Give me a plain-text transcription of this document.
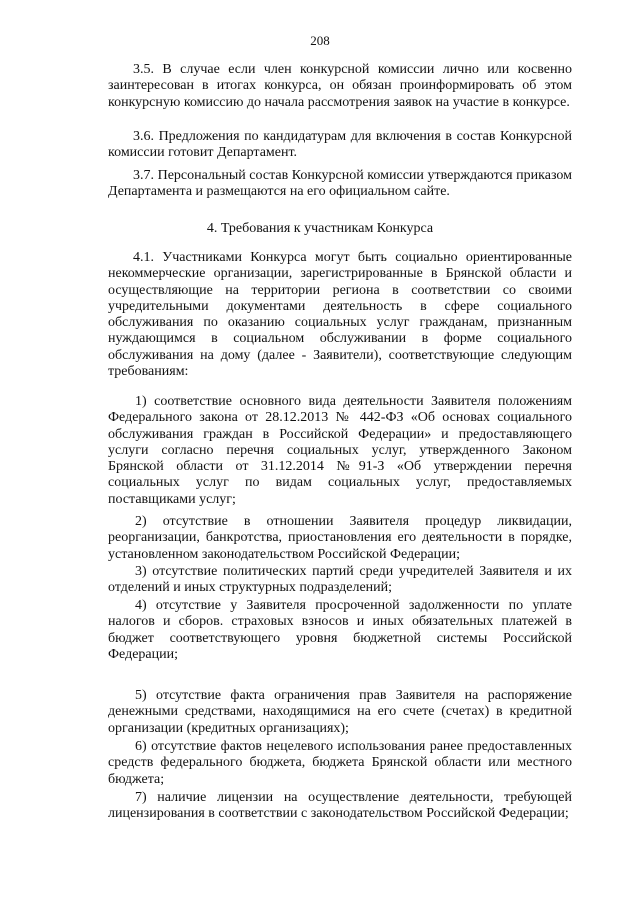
208

3.5. В случае если член конкурсной комиссии лично или косвенно заинтересован в итогах конкурса, он обязан проинформировать об этом конкурсную комиссию до начала рассмотрения заявок на участие в конкурсе.

3.6. Предложения по кандидатурам для включения в состав Конкурсной комиссии готовит Департамент.

3.7. Персональный состав Конкурсной комиссии утверждаются приказом Департамента и размещаются на его официальном сайте.

4. Требования к участникам Конкурса

4.1. Участниками Конкурса могут быть социально ориентированные некоммерческие организации, зарегистрированные в Брянской области и осуществляющие на территории региона в соответствии со своими учредительными документами деятельность в сфере социального обслуживания по оказанию социальных услуг гражданам, признанным нуждающимся в социальном обслуживании в форме социального обслуживания на дому (далее - Заявители), соответствующие следующим требованиям:

1) соответствие основного вида деятельности Заявителя положениям Федерального закона от 28.12.2013 № 442-ФЗ «Об основах социального обслуживания граждан в Российской Федерации» и предоставляющего услуги согласно перечня социальных услуг, утвержденного Законом Брянской области от 31.12.2014 №91-З «Об утверждении перечня социальных услуг по видам социальных услуг, предоставляемых поставщиками услуг;

2) отсутствие в отношении Заявителя процедур ликвидации, реорганизации, банкротства, приостановления его деятельности в порядке, установленном законодательством Российской Федерации;

3) отсутствие политических партий среди учредителей Заявителя и их отделений и иных структурных подразделений;

4) отсутствие у Заявителя просроченной задолженности по уплате налогов и сборов. страховых взносов и иных обязательных платежей в бюджет соответствующего уровня бюджетной системы Российской Федерации;

5) отсутствие факта ограничения прав Заявителя на распоряжение денежными средствами, находящимися на его счете (счетах) в кредитной организации (кредитных организациях);

6) отсутствие фактов нецелевого использования ранее предоставленных средств федерального бюджета, бюджета Брянской области или местного бюджета;

7) наличие лицензии на осуществление деятельности, требующей лицензирования в соответствии с законодательством Российской Федерации;
